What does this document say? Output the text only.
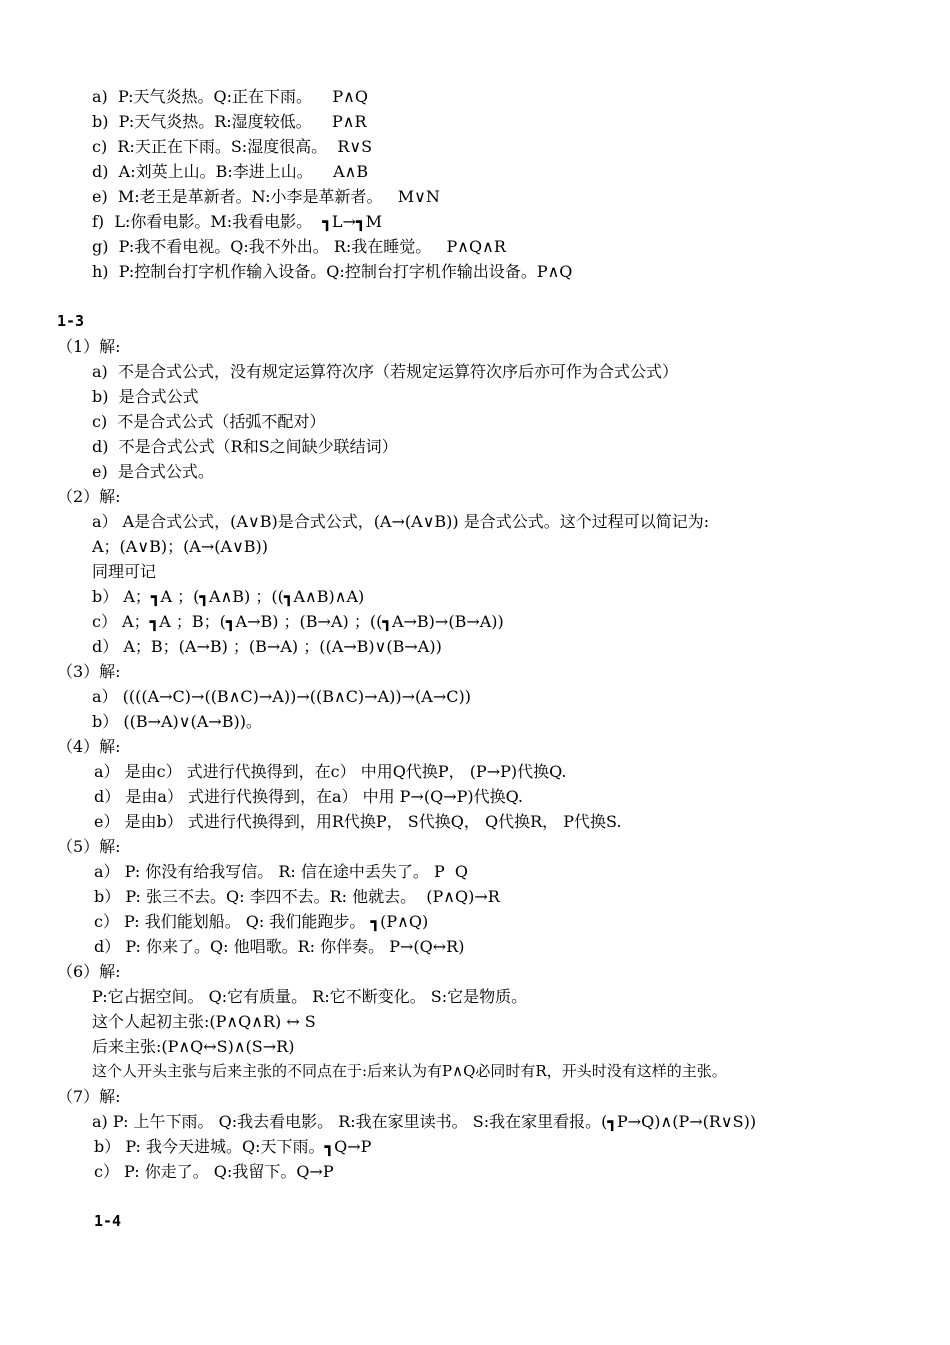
a)  P:天气炎热。Q:正在下雨。    P∧Q
b)  P:天气炎热。R:湿度较低。    P∧R
c)  R:天正在下雨。S:湿度很高。  R∨S
d)  A:刘英上山。B:李进上山。    A∧B
e)  M:老王是革新者。N:小李是革新者。   M∨N
f)  L:你看电影。M:我看电影。  ┓L→┓M
g)  P:我不看电视。Q:我不外出。 R:我在睡觉。   P∧Q∧R
h)  P:控制台打字机作输入设备。Q:控制台打字机作输出设备。P∧Q
1-3
（1）解:
a)  不是合式公式，没有规定运算符次序（若规定运算符次序后亦可作为合式公式）
b)  是合式公式
c)  不是合式公式（括弧不配对）
d)  不是合式公式（R和S之间缺少联结词）
e)  是合式公式。
（2）解:
a） A是合式公式，(A∨B)是合式公式，(A→(A∨B)) 是合式公式。这个过程可以简记为:
A；(A∨B)；(A→(A∨B))
同理可记
b） A；┓A ；(┓A∧B) ；((┓A∧B)∧A)
c） A；┓A ；B；(┓A→B) ；(B→A) ；((┓A→B)→(B→A))
d） A；B；(A→B) ；(B→A) ；((A→B)∨(B→A))
（3）解:
a） ((((A→C)→((B∧C)→A))→((B∧C)→A))→(A→C))
b） ((B→A)∨(A→B))。
（4）解:
a） 是由c） 式进行代换得到，在c） 中用Q代换P， (P→P)代换Q.
d） 是由a） 式进行代换得到，在a） 中用 P→(Q→P)代换Q.
e） 是由b） 式进行代换得到，用R代换P， S代换Q， Q代换R， P代换S.
（5）解:
a） P: 你没有给我写信。 R: 信在途中丢失了。 P  Q
b） P: 张三不去。Q: 李四不去。R: 他就去。  (P∧Q)→R
c） P: 我们能划船。 Q: 我们能跑步。 ┓(P∧Q)
d） P: 你来了。Q: 他唱歌。R: 你伴奏。 P→(Q↔R)
（6）解:
P:它占据空间。 Q:它有质量。 R:它不断变化。 S:它是物质。
这个人起初主张:(P∧Q∧R) ↔ S
后来主张:(P∧Q↔S)∧(S→R)
这个人开头主张与后来主张的不同点在于:后来认为有P∧Q必同时有R，开头时没有这样的主张。
（7）解:
a) P: 上午下雨。 Q:我去看电影。 R:我在家里读书。 S:我在家里看报。(┓P→Q)∧(P→(R∨S))
b） P: 我今天进城。Q:天下雨。┓Q→P
c） P: 你走了。 Q:我留下。Q→P
1-4
